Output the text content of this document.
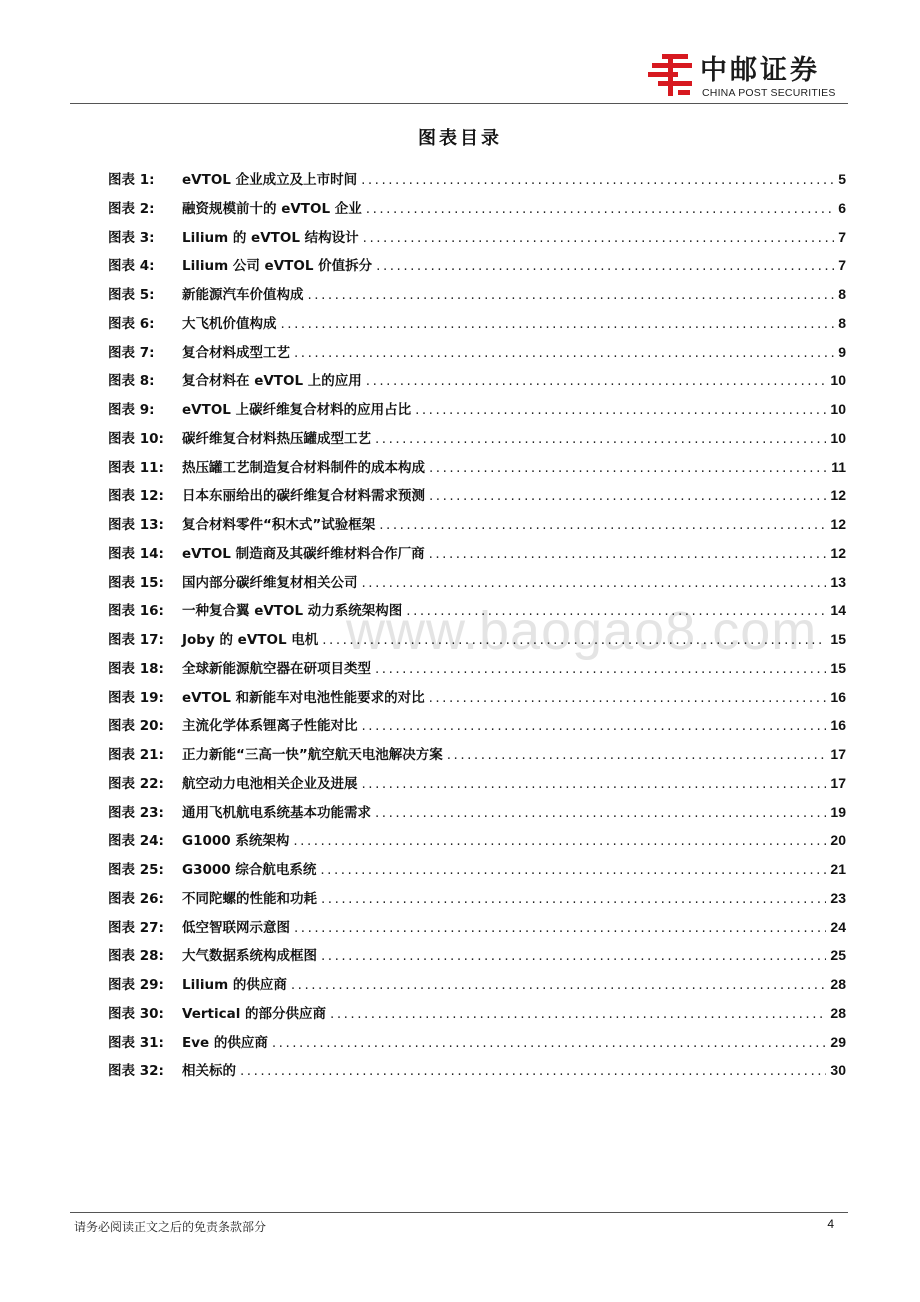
中邮证券
CHINA POST SECURITIES
图表目录
www.baogao8.com
图表 1:	eVTOL 企业成立及上市时间 .....	5
图表 2:	融资规模前十的 eVTOL 企业 .....	6
图表 3:	Lilium 的 eVTOL 结构设计 .....	7
图表 4:	Lilium 公司 eVTOL 价值拆分 .....	7
图表 5:	新能源汽车价值构成 .....	8
图表 6:	大飞机价值构成 .....	8
图表 7:	复合材料成型工艺 .....	9
图表 8:	复合材料在 eVTOL 上的应用 .....	10
图表 9:	eVTOL 上碳纤维复合材料的应用占比 .....	10
图表 10:	碳纤维复合材料热压罐成型工艺 .....	10
图表 11:	热压罐工艺制造复合材料制件的成本构成 .....	11
图表 12:	日本东丽给出的碳纤维复合材料需求预测 .....	12
图表 13:	复合材料零件“积木式”试验框架 .....	12
图表 14:	eVTOL 制造商及其碳纤维材料合作厂商 .....	12
图表 15:	国内部分碳纤维复材相关公司 .....	13
图表 16:	一种复合翼 eVTOL 动力系统架构图 .....	14
图表 17:	Joby 的 eVTOL 电机 .....	15
图表 18:	全球新能源航空器在研项目类型 .....	15
图表 19:	eVTOL 和新能车对电池性能要求的对比 .....	16
图表 20:	主流化学体系锂离子性能对比 .....	16
图表 21:	正力新能“三高一快”航空航天电池解决方案 .....	17
图表 22:	航空动力电池相关企业及进展 .....	17
图表 23:	通用飞机航电系统基本功能需求 .....	19
图表 24:	G1000 系统架构 .....	20
图表 25:	G3000 综合航电系统 .....	21
图表 26:	不同陀螺的性能和功耗 .....	23
图表 27:	低空智联网示意图 .....	24
图表 28:	大气数据系统构成框图 .....	25
图表 29:	Lilium 的供应商 .....	28
图表 30:	Vertical 的部分供应商 .....	28
图表 31:	Eve 的供应商 .....	29
图表 32:	相关标的 .....	30
请务必阅读正文之后的免责条款部分	4
